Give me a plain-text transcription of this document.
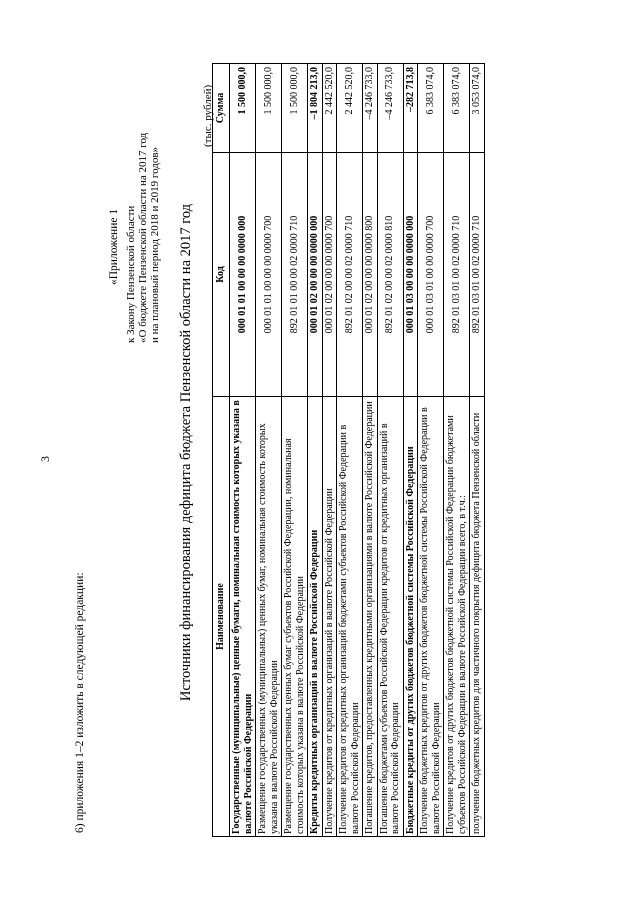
3
6) приложения 1–2 изложить в следующей редакции:
«Приложение 1 к Закону Пензенской области «О бюджете Пензенской области на 2017 год и на плановый период 2018 и 2019 годов» Источники финансирования дефицита бюджета Пензенской области на 2017 год
(тыс. рублей)
Наименование	Код	Сумма
Государственные (муниципальные) ценные бумаги, номинальная стоимость которых указана в валюте Российской Федерации	000 01 01 00 00 00 0000 000	1 500 000,0
Размещение государственных (муниципальных) ценных бумаг, номинальная стоимость которых указана в валюте Российской Федерации	000 01 01 00 00 00 0000 700	1 500 000,0
Размещение государственных ценных бумаг субъектов Российской Федерации, номинальная стоимость которых указана в валюте Российской Федерации	892 01 01 00 00 02 0000 710	1 500 000,0
Кредиты кредитных организаций в валюте Российской Федерации	000 01 02 00 00 00 0000 000	–1 804 213,0
Получение кредитов от кредитных организаций в валюте Российской Федерации	000 01 02 00 00 00 0000 700	2 442 520,0
Получение кредитов от кредитных организаций бюджетами субъектов Российской Федерации в валюте Российской Федерации	892 01 02 00 00 02 0000 710	2 442 520,0
Погашение кредитов, предоставленных кредитными организациями в валюте Российской Федерации	000 01 02 00 00 00 0000 800	–4 246 733,0
Погашение бюджетами субъектов Российской Федерации кредитов от кредитных организаций в валюте Российской Федерации	892 01 02 00 00 02 0000 810	–4 246 733,0
Бюджетные кредиты от других бюджетов бюджетной системы Российской Федерации	000 01 03 00 00 00 0000 000	–282 713,8
Получение бюджетных кредитов от других бюджетов бюджетной системы Российской Федерации в валюте Российской Федерации	000 01 03 01 00 00 0000 700	6 383 074,0
Получение кредитов от других бюджетов бюджетной системы Российской Федерации бюджетами субъектов Российской Федерации в валюте Российской Федерации всего, в т.ч.:	892 01 03 01 00 02 0000 710	6 383 074,0
получение бюджетных кредитов для частичного покрытия дефицита бюджета Пензенской области	892 01 03 01 00 02 0000 710	3 053 074,0
